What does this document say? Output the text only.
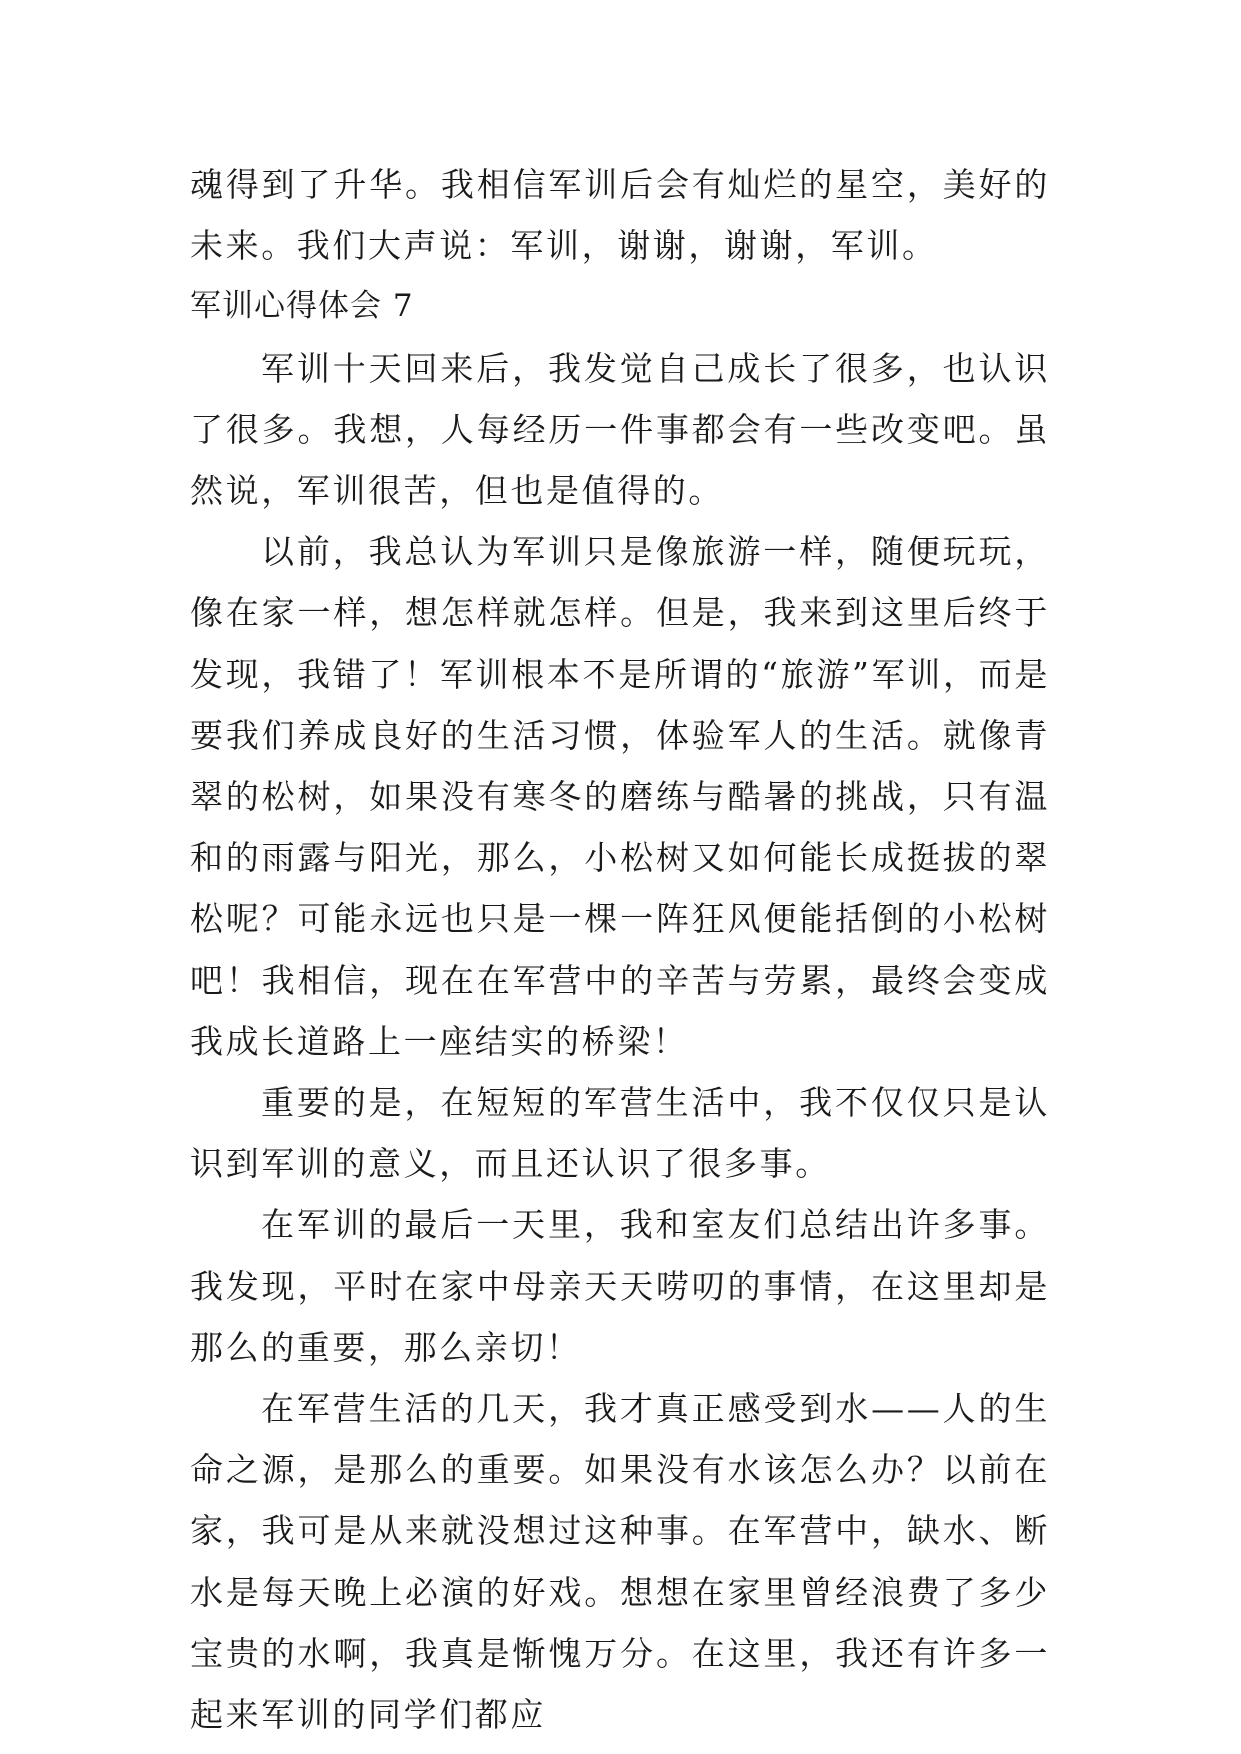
魂得到了升华。我相信军训后会有灿烂的星空，美好的未来。我们大声说：军训，谢谢，谢谢，军训。

军训心得体会 7

军训十天回来后，我发觉自己成长了很多，也认识了很多。我想，人每经历一件事都会有一些改变吧。虽然说，军训很苦，但也是值得的。

以前，我总认为军训只是像旅游一样，随便玩玩，像在家一样，想怎样就怎样。但是，我来到这里后终于发现，我错了！军训根本不是所谓的“旅游”军训，而是要我们养成良好的生活习惯，体验军人的生活。就像青翠的松树，如果没有寒冬的磨练与酷暑的挑战，只有温和的雨露与阳光，那么，小松树又如何能长成挺拔的翠松呢？可能永远也只是一棵一阵狂风便能括倒的小松树吧！我相信，现在在军营中的辛苦与劳累，最终会变成我成长道路上一座结实的桥梁！

重要的是，在短短的军营生活中，我不仅仅只是认识到军训的意义，而且还认识了很多事。

在军训的最后一天里，我和室友们总结出许多事。我发现，平时在家中母亲天天唠叨的事情，在这里却是那么的重要，那么亲切！

在军营生活的几天，我才真正感受到水——人的生命之源，是那么的重要。如果没有水该怎么办？以前在家，我可是从来就没想过这种事。在军营中，缺水、断水是每天晚上必演的好戏。想想在家里曾经浪费了多少宝贵的水啊，我真是惭愧万分。在这里，我还有许多一起来军训的同学们都应
